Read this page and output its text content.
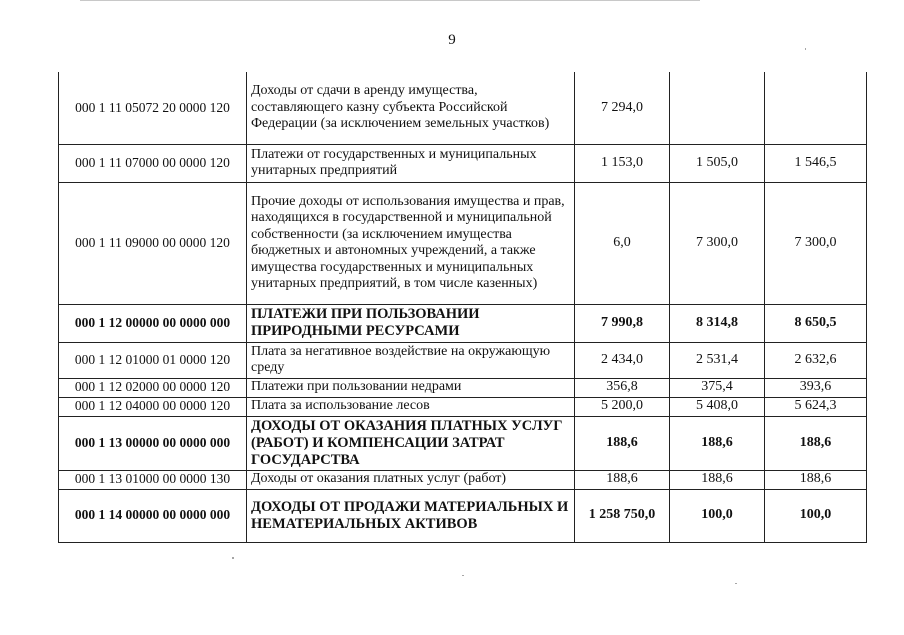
9
000 1 11 05072 20 0000 120	Доходы от сдачи в аренду имущества, составляющего казну субъекта Российской Федерации (за исключением земельных участков)	7 294,0		
000 1 11 07000 00 0000 120	Платежи от государственных и муниципальных унитарных предприятий	1 153,0	1 505,0	1 546,5
000 1 11 09000 00 0000 120	Прочие доходы от использования имущества и прав, находящихся в государственной и муниципальной собственности (за исключением имущества бюджетных и автономных учреждений, а также имущества государственных и муниципальных унитарных предприятий, в том числе казенных)	6,0	7 300,0	7 300,0
000 1 12 00000 00 0000 000	ПЛАТЕЖИ ПРИ ПОЛЬЗОВАНИИ ПРИРОДНЫМИ РЕСУРСАМИ	7 990,8	8 314,8	8 650,5
000 1 12 01000 01 0000 120	Плата за негативное воздействие на окружающую среду	2 434,0	2 531,4	2 632,6
000 1 12 02000 00 0000 120	Платежи при пользовании недрами	356,8	375,4	393,6
000 1 12 04000 00 0000 120	Плата за использование лесов	5 200,0	5 408,0	5 624,3
000 1 13 00000 00 0000 000	ДОХОДЫ ОТ ОКАЗАНИЯ ПЛАТНЫХ УСЛУГ (РАБОТ) И КОМПЕНСАЦИИ ЗАТРАТ ГОСУДАРСТВА	188,6	188,6	188,6
000 1 13 01000 00 0000 130	Доходы от оказания платных услуг (работ)	188,6	188,6	188,6
000 1 14 00000 00 0000 000	ДОХОДЫ ОТ ПРОДАЖИ МАТЕРИАЛЬНЫХ И НЕМАТЕРИАЛЬНЫХ АКТИВОВ	1 258 750,0	100,0	100,0
